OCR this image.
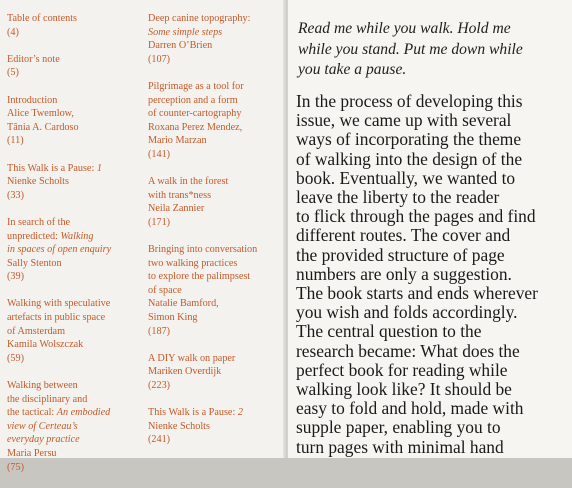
Table of contents
(4)
Editor’s note
(5)
Introduction
Alice Twemlow,
Tânia A. Cardoso
(11)
This Walk is a Pause: 1
Nienke Scholts
(33)
In search of the
unpredicted: Walking
in spaces of open enquiry
Sally Stenton
(39)
Walking with speculative
artefacts in public space
of Amsterdam
Kamila Wolszczak
(59)
Walking between
the disciplinary and
the tactical: An embodied
view of Certeau’s
everyday practice
Maria Persu
(75)
Deep canine topography:
Some simple steps
Darren O’Brien
(107)
Pilgrimage as a tool for
perception and a form
of counter-cartography
Roxana Perez Mendez,
Mario Marzan
(141)
A walk in the forest
with trans*ness
Neila Zannier
(171)
Bringing into conversation
two walking practices
to explore the palimpsest
of space
Natalie Bamford,
Simon King
(187)
A DIY walk on paper
Mariken Overdijk
(223)
This Walk is a Pause: 2
Nienke Scholts
(241)
Read me while you walk. Hold me
while you stand. Put me down while
you take a pause.
In the process of developing this
issue, we came up with several
ways of incorporating the theme
of walking into the design of the
book. Eventually, we wanted to
leave the liberty to the reader
to flick through the pages and find
different routes. The cover and
the provided structure of page
numbers are only a suggestion.
The book starts and ends wherever
you wish and folds accordingly.
The central question to the
research became: What does the
perfect book for reading while
walking look like? It should be
easy to fold and hold, made with
supple paper, enabling you to
turn pages with minimal hand
